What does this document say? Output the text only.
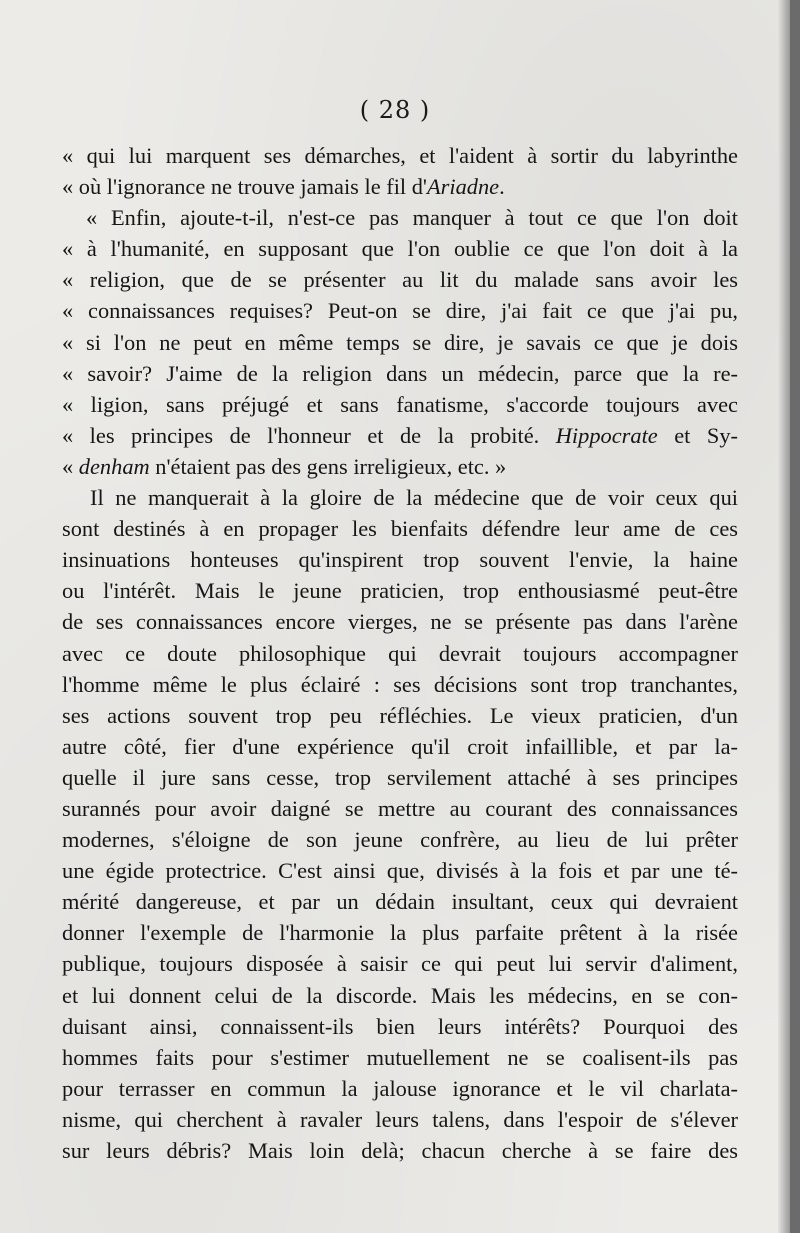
( 28 )
« qui lui marquent ses démarches, et l'aident à sortir du labyrinthe
« où l'ignorance ne trouve jamais le fil d'Ariadne.
« Enfin, ajoute-t-il, n'est-ce pas manquer à tout ce que l'on doit
« à l'humanité, en supposant que l'on oublie ce que l'on doit à la
« religion, que de se présenter au lit du malade sans avoir les
« connaissances requises? Peut-on se dire, j'ai fait ce que j'ai pu,
« si l'on ne peut en même temps se dire, je savais ce que je dois
« savoir? J'aime de la religion dans un médecin, parce que la re-
« ligion, sans préjugé et sans fanatisme, s'accorde toujours avec
« les principes de l'honneur et de la probité. Hippocrate et Sy-
« denham n'étaient pas des gens irreligieux, etc. »
Il ne manquerait à la gloire de la médecine que de voir ceux qui
sont destinés à en propager les bienfaits défendre leur ame de ces
insinuations honteuses qu'inspirent trop souvent l'envie, la haine
ou l'intérêt. Mais le jeune praticien, trop enthousiasmé peut-être
de ses connaissances encore vierges, ne se présente pas dans l'arène
avec ce doute philosophique qui devrait toujours accompagner
l'homme même le plus éclairé : ses décisions sont trop tranchantes,
ses actions souvent trop peu réfléchies. Le vieux praticien, d'un
autre côté, fier d'une expérience qu'il croit infaillible, et par la-
quelle il jure sans cesse, trop servilement attaché à ses principes
surannés pour avoir daigné se mettre au courant des connaissances
modernes, s'éloigne de son jeune confrère, au lieu de lui prêter
une égide protectrice. C'est ainsi que, divisés à la fois et par une té-
mérité dangereuse, et par un dédain insultant, ceux qui devraient
donner l'exemple de l'harmonie la plus parfaite prêtent à la risée
publique, toujours disposée à saisir ce qui peut lui servir d'aliment,
et lui donnent celui de la discorde. Mais les médecins, en se con-
duisant ainsi, connaissent-ils bien leurs intérêts? Pourquoi des
hommes faits pour s'estimer mutuellement ne se coalisent-ils pas
pour terrasser en commun la jalouse ignorance et le vil charlata-
nisme, qui cherchent à ravaler leurs talens, dans l'espoir de s'élever
sur leurs débris? Mais loin delà; chacun cherche à se faire des
